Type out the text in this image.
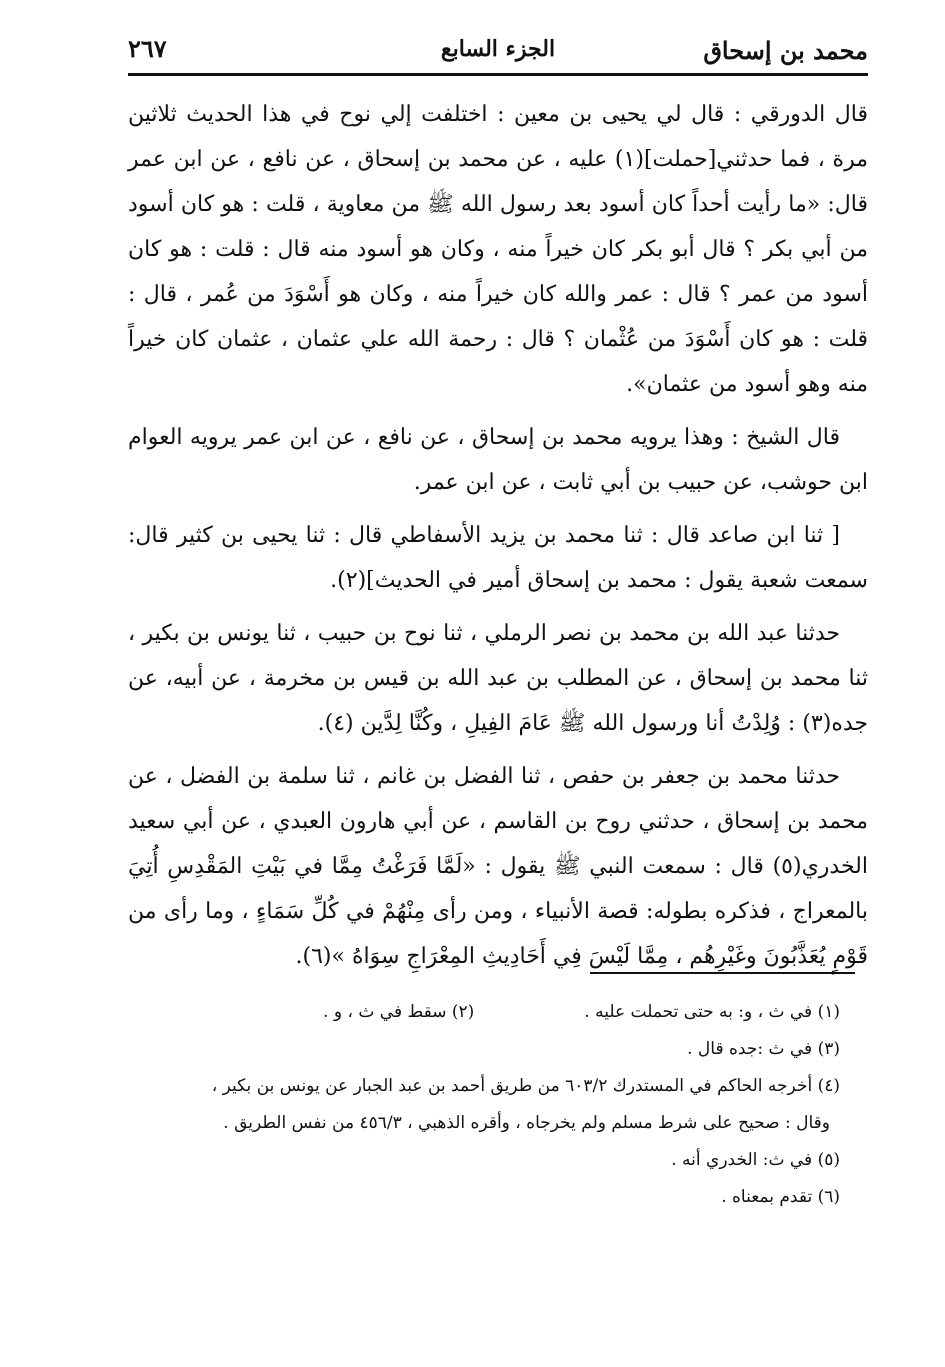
محمد بن إسحاق
الجزء السابع
٢٦٧

قال الدورقي : قال لي يحيى بن معين : اختلفت إلي نوح في هذا الحديث ثلاثين مرة ، فما حدثني[حملت](١) عليه ، عن محمد بن إسحاق ، عن نافع ، عن ابن عمر قال: «ما رأيت أحداً كان أسود بعد رسول الله ﷺ من معاوية ، قلت : هو كان أسود من أبي بكر ؟ قال أبو بكر كان خيراً منه ، وكان هو أسود منه قال : قلت : هو كان أسود من عمر ؟ قال : عمر والله كان خيراً منه ، وكان هو أَسْوَدَ من عُمر ، قال : قلت : هو كان أَسْوَدَ من عُثْمان ؟ قال : رحمة الله علي عثمان ، عثمان كان خيراً منه وهو أسود من عثمان».

قال الشيخ : وهذا يرويه محمد بن إسحاق ، عن نافع ، عن ابن عمر يرويه العوام ابن حوشب، عن حبيب بن أبي ثابت ، عن ابن عمر.

[ ثنا ابن صاعد قال : ثنا محمد بن يزيد الأسفاطي قال : ثنا يحيى بن كثير قال: سمعت شعبة يقول : محمد بن إسحاق أمير في الحديث](٢).

حدثنا عبد الله بن محمد بن نصر الرملي ، ثنا نوح بن حبيب ، ثنا يونس بن بكير ، ثنا محمد بن إسحاق ، عن المطلب بن عبد الله بن قيس بن مخرمة ، عن أبيه، عن جده(٣) : وُلِدْتُ أنا ورسول الله ﷺ عَامَ الفِيلِ ، وكُنَّا لِدَّين (٤).

حدثنا محمد بن جعفر بن حفص ، ثنا الفضل بن غانم ، ثنا سلمة بن الفضل ، عن محمد بن إسحاق ، حدثني روح بن القاسم ، عن أبي هارون العبدي ، عن أبي سعيد الخدري(٥) قال : سمعت النبي ﷺ يقول : «لَمَّا فَرَغْتُ مِمَّا في بَيْتِ المَقْدِسِ أُتِيَ بالمعراج ، فذكره بطوله: قصة الأنبياء ، ومن رأى مِنْهُمْ في كُلِّ سَمَاءٍ ، وما رأى من قَوْمٍ يُعَذَّبُونَ وغَيْرِهُم ، مِمَّا لَيْسَ فِي أَحَادِيثِ المِعْرَاجِ سِوَاهُ »(٦).

(١) في ث ، و: به حتى تحملت عليه .

(٢) سقط في ث ، و .

(٣) في ث :جده قال .

(٤) أخرجه الحاكم في المستدرك ٦٠٣/٢ من طريق أحمد بن عبد الجبار عن يونس بن بكير ،

وقال : صحيح على شرط مسلم ولم يخرجاه ، وأقره الذهبي ، ٤٥٦/٣ من نفس الطريق .

(٥) في ث: الخدري أنه .

(٦) تقدم بمعناه .
